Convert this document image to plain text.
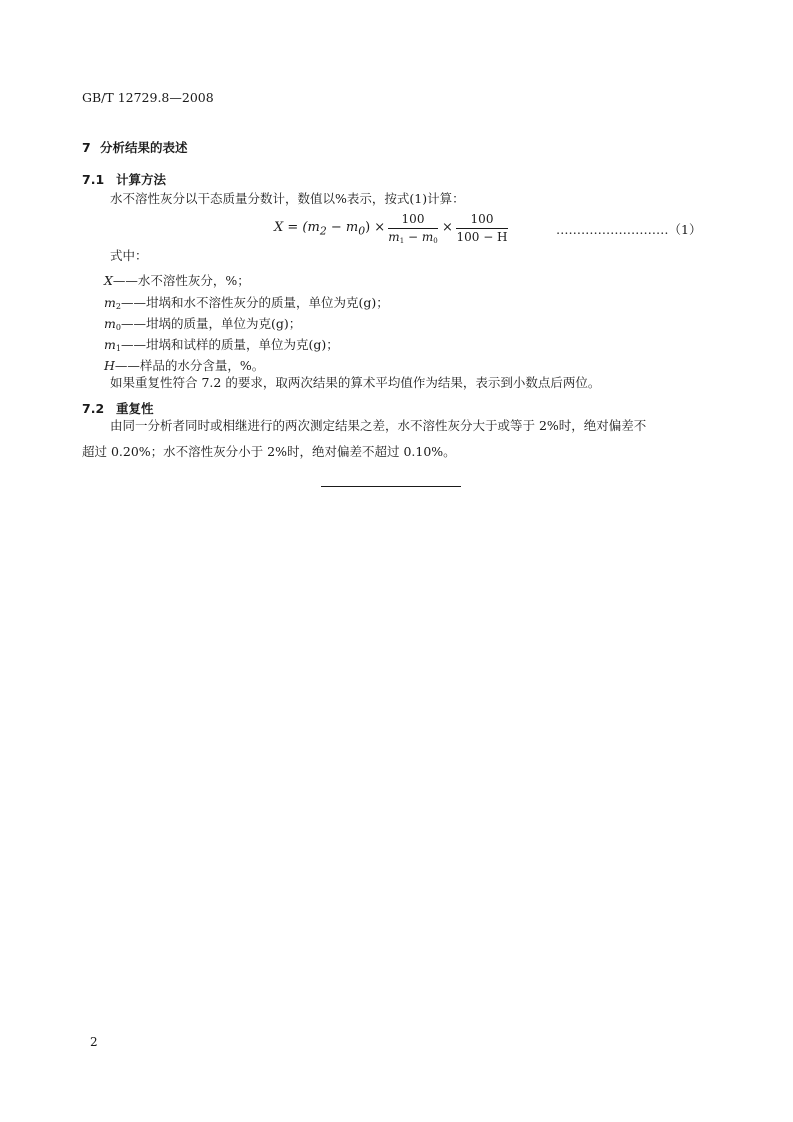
GB/T 12729.8—2008
7 分析结果的表述
7.1 计算方法
水不溶性灰分以干态质量分数计，数值以%表示，按式(1)计算：
$X = (m_2 - m_0)$ ×
100
$m_1 - m_0$
×
100
100 − H	………………………（1）
式中：
X——水不溶性灰分，%；
$m_2——$坩埚和水不溶性灰分的质量，单位为克(g)；
$m_0——$坩埚的质量，单位为克(g)；
$m_1——$坩埚和试样的质量，单位为克(g)；
H——样品的水分含量，%。
如果重复性符合 7.2 的要求，取两次结果的算术平均值作为结果，表示到小数点后两位。
7.2 重复性
由同一分析者同时或相继进行的两次测定结果之差，水不溶性灰分大于或等于 2%时，绝对偏差不
超过 0.20%；水不溶性灰分小于 2%时，绝对偏差不超过 0.10%。
2
